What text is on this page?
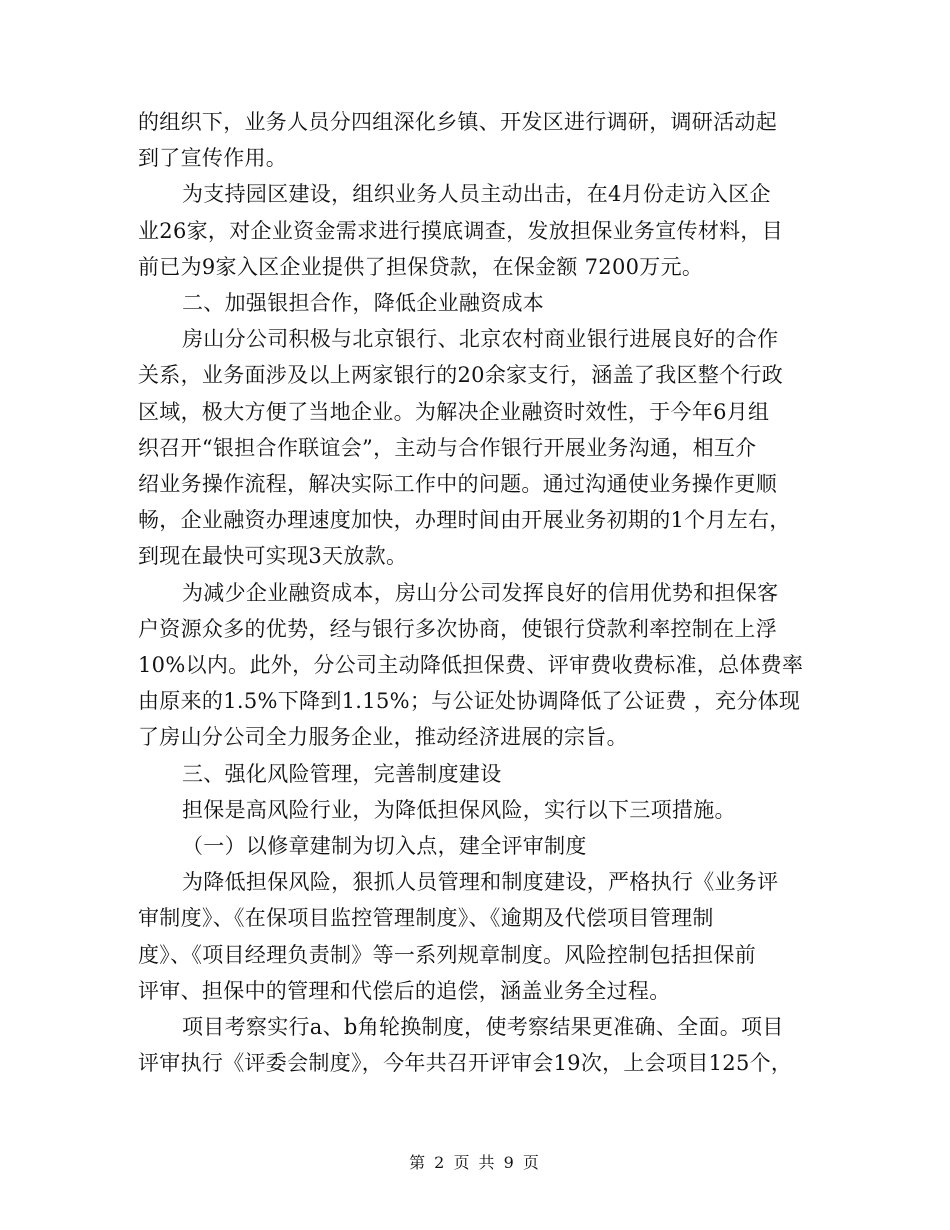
的组织下，业务人员分四组深化乡镇、开发区进行调研，调研活动起
到了宣传作用。
为支持园区建设，组织业务人员主动出击，在4月份走访入区企
业26家，对企业资金需求进行摸底调查，发放担保业务宣传材料，目
前已为9家入区企业提供了担保贷款，在保金额 7200万元。
二、加强银担合作，降低企业融资成本
房山分公司积极与北京银行、北京农村商业银行进展良好的合作
关系，业务面涉及以上两家银行的20余家支行，涵盖了我区整个行政
区域，极大方便了当地企业。为解决企业融资时效性，于今年6月组
织召开“银担合作联谊会”，主动与合作银行开展业务沟通，相互介
绍业务操作流程，解决实际工作中的问题。通过沟通使业务操作更顺
畅，企业融资办理速度加快，办理时间由开展业务初期的1个月左右，
到现在最快可实现3天放款。
为减少企业融资成本，房山分公司发挥良好的信用优势和担保客
户资源众多的优势，经与银行多次协商，使银行贷款利率控制在上浮
10%以内。此外，分公司主动降低担保费、评审费收费标准，总体费率
由原来的1.5%下降到1.15%；与公证处协调降低了公证费 ，充分体现
了房山分公司全力服务企业，推动经济进展的宗旨。
三、强化风险管理，完善制度建设
担保是高风险行业，为降低担保风险，实行以下三项措施。
（一）以修章建制为切入点，建全评审制度
为降低担保风险，狠抓人员管理和制度建设，严格执行《业务评
审制度》、《在保项目监控管理制度》、《逾期及代偿项目管理制
度》、《项目经理负责制》等一系列规章制度。风险控制包括担保前
评审、担保中的管理和代偿后的追偿，涵盖业务全过程。
项目考察实行a、b角轮换制度，使考察结果更准确、全面。项目
评审执行《评委会制度》，今年共召开评审会19次，上会项目125个，
第 2 页 共 9 页
